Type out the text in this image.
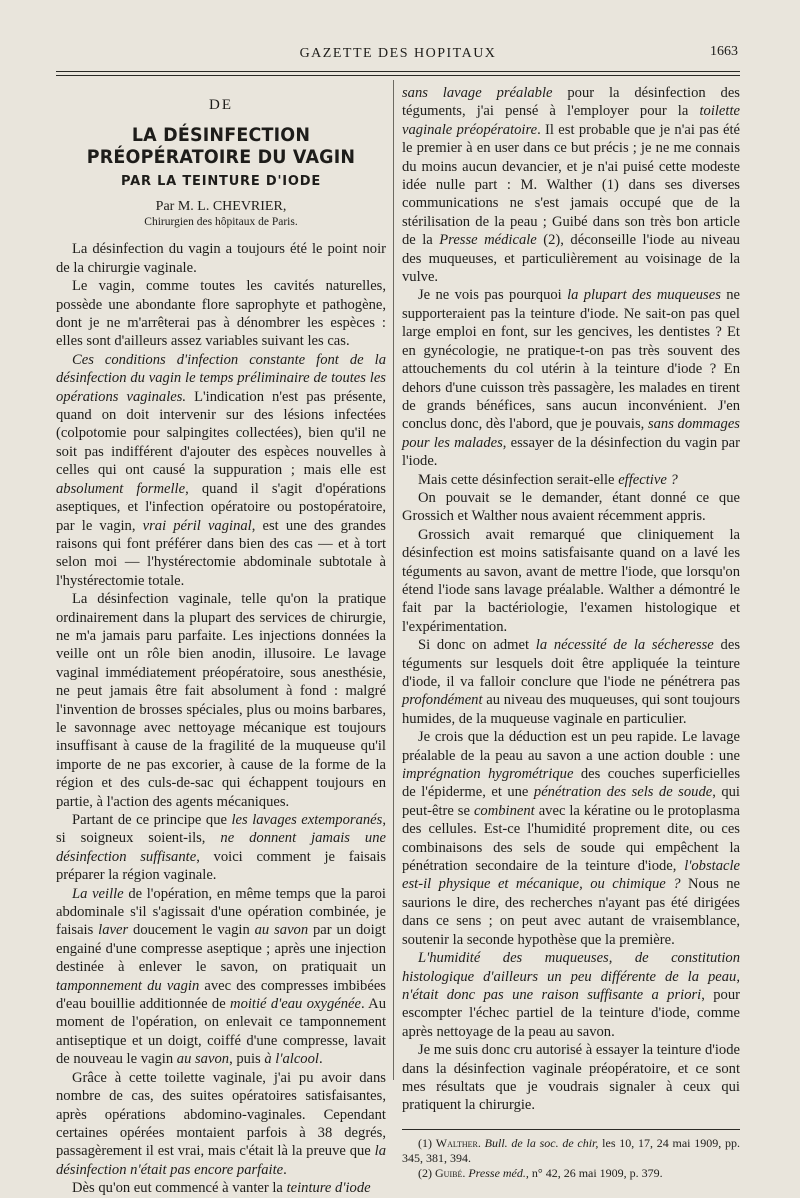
GAZETTE DES HOPITAUX	1663
DE
LA DÉSINFECTION PRÉOPÉRATOIRE DU VAGIN
PAR LA TEINTURE D'IODE
Par M. L. CHEVRIER,
Chirurgien des hôpitaux de Paris.

La désinfection du vagin a toujours été le point noir de la chirurgie vaginale.

Le vagin, comme toutes les cavités naturelles, possède une abondante flore saprophyte et pathogène, dont je ne m'arrêterai pas à dénombrer les espèces : elles sont d'ailleurs assez variables suivant les cas.

Ces conditions d'infection constante font de la désinfection du vagin le temps préliminaire de toutes les opérations vaginales. L'indication n'est pas présente, quand on doit intervenir sur des lésions infectées (colpotomie pour salpingites collectées), bien qu'il ne soit pas indifférent d'ajouter des espèces nouvelles à celles qui ont causé la suppuration ; mais elle est absolument formelle, quand il s'agit d'opérations aseptiques, et l'infection opératoire ou postopératoire, par le vagin, vrai péril vaginal, est une des grandes raisons qui font préférer dans bien des cas — et à tort selon moi — l'hystérectomie abdominale subtotale à l'hystérectomie totale.

La désinfection vaginale, telle qu'on la pratique ordinairement dans la plupart des services de chirurgie, ne m'a jamais paru parfaite. Les injections données la veille ont un rôle bien anodin, illusoire. Le lavage vaginal immédiatement préopératoire, sous anesthésie, ne peut jamais être fait absolument à fond : malgré l'invention de brosses spéciales, plus ou moins barbares, le savonnage avec nettoyage mécanique est toujours insuffisant à cause de la fragilité de la muqueuse qu'il importe de ne pas excorier, à cause de la forme de la région et des culs-de-sac qui échappent toujours en partie, à l'action des agents mécaniques.

Partant de ce principe que les lavages extemporanés, si soigneux soient-ils, ne donnent jamais une désinfection suffisante, voici comment je faisais préparer la région vaginale.

La veille de l'opération, en même temps que la paroi abdominale s'il s'agissait d'une opération combinée, je faisais laver doucement le vagin au savon par un doigt engainé d'une compresse aseptique ; après une injection destinée à enlever le savon, on pratiquait un tamponnement du vagin avec des compresses imbibées d'eau bouillie additionnée de moitié d'eau oxygénée. Au moment de l'opération, on enlevait ce tamponnement antiseptique et un doigt, coiffé d'une compresse, lavait de nouveau le vagin au savon, puis à l'alcool.

Grâce à cette toilette vaginale, j'ai pu avoir dans nombre de cas, des suites opératoires satisfaisantes, après opérations abdomino-vaginales. Cependant certaines opérées montaient parfois à 38 degrés, passagèrement il est vrai, mais c'était là la preuve que la désinfection n'était pas encore parfaite.

Dès qu'on eut commencé à vanter la teinture d'iode

sans lavage préalable pour la désinfection des téguments, j'ai pensé à l'employer pour la toilette vaginale préopératoire. Il est probable que je n'ai pas été le premier à en user dans ce but précis ; je ne me connais du moins aucun devancier, et je n'ai puisé cette modeste idée nulle part : M. Walther (1) dans ses diverses communications ne s'est jamais occupé que de la stérilisation de la peau ; Guibé dans son très bon article de la Presse médicale (2), déconseille l'iode au niveau des muqueuses, et particulièrement au voisinage de la vulve.

Je ne vois pas pourquoi la plupart des muqueuses ne supporteraient pas la teinture d'iode. Ne sait-on pas quel large emploi en font, sur les gencives, les dentistes ? Et en gynécologie, ne pratique-t-on pas très souvent des attouchements du col utérin à la teinture d'iode ? En dehors d'une cuisson très passagère, les malades en tirent de grands bénéfices, sans aucun inconvénient. J'en conclus donc, dès l'abord, que je pouvais, sans dommages pour les malades, essayer de la désinfection du vagin par l'iode.

Mais cette désinfection serait-elle effective ?

On pouvait se le demander, étant donné ce que Grossich et Walther nous avaient récemment appris.

Grossich avait remarqué que cliniquement la désinfection est moins satisfaisante quand on a lavé les téguments au savon, avant de mettre l'iode, que lorsqu'on étend l'iode sans lavage préalable. Walther a démontré le fait par la bactériologie, l'examen histologique et l'expérimentation.

Si donc on admet la nécessité de la sécheresse des téguments sur lesquels doit être appliquée la teinture d'iode, il va falloir conclure que l'iode ne pénétrera pas profondément au niveau des muqueuses, qui sont toujours humides, de la muqueuse vaginale en particulier.

Je crois que la déduction est un peu rapide. Le lavage préalable de la peau au savon a une action double : une imprégnation hygrométrique des couches superficielles de l'épiderme, et une pénétration des sels de soude, qui peut-être se combinent avec la kératine ou le protoplasma des cellules. Est-ce l'humidité proprement dite, ou ces combinaisons des sels de soude qui empêchent la pénétration secondaire de la teinture d'iode, l'obstacle est-il physique et mécanique, ou chimique ? Nous ne saurions le dire, des recherches n'ayant pas été dirigées dans ce sens ; on peut avec autant de vraisemblance, soutenir la seconde hypothèse que la première.

L'humidité des muqueuses, de constitution histologique d'ailleurs un peu différente de la peau, n'était donc pas une raison suffisante a priori, pour escompter l'échec partiel de la teinture d'iode, comme après nettoyage de la peau au savon.

Je me suis donc cru autorisé à essayer la teinture d'iode dans la désinfection vaginale préopératoire, et ce sont mes résultats que je voudrais signaler à ceux qui pratiquent la chirurgie.

(1) Walther. Bull. de la soc. de chir, les 10, 17, 24 mai 1909, pp. 345, 381, 394.

(2) Guibé. Presse méd., n° 42, 26 mai 1909, p. 379.
